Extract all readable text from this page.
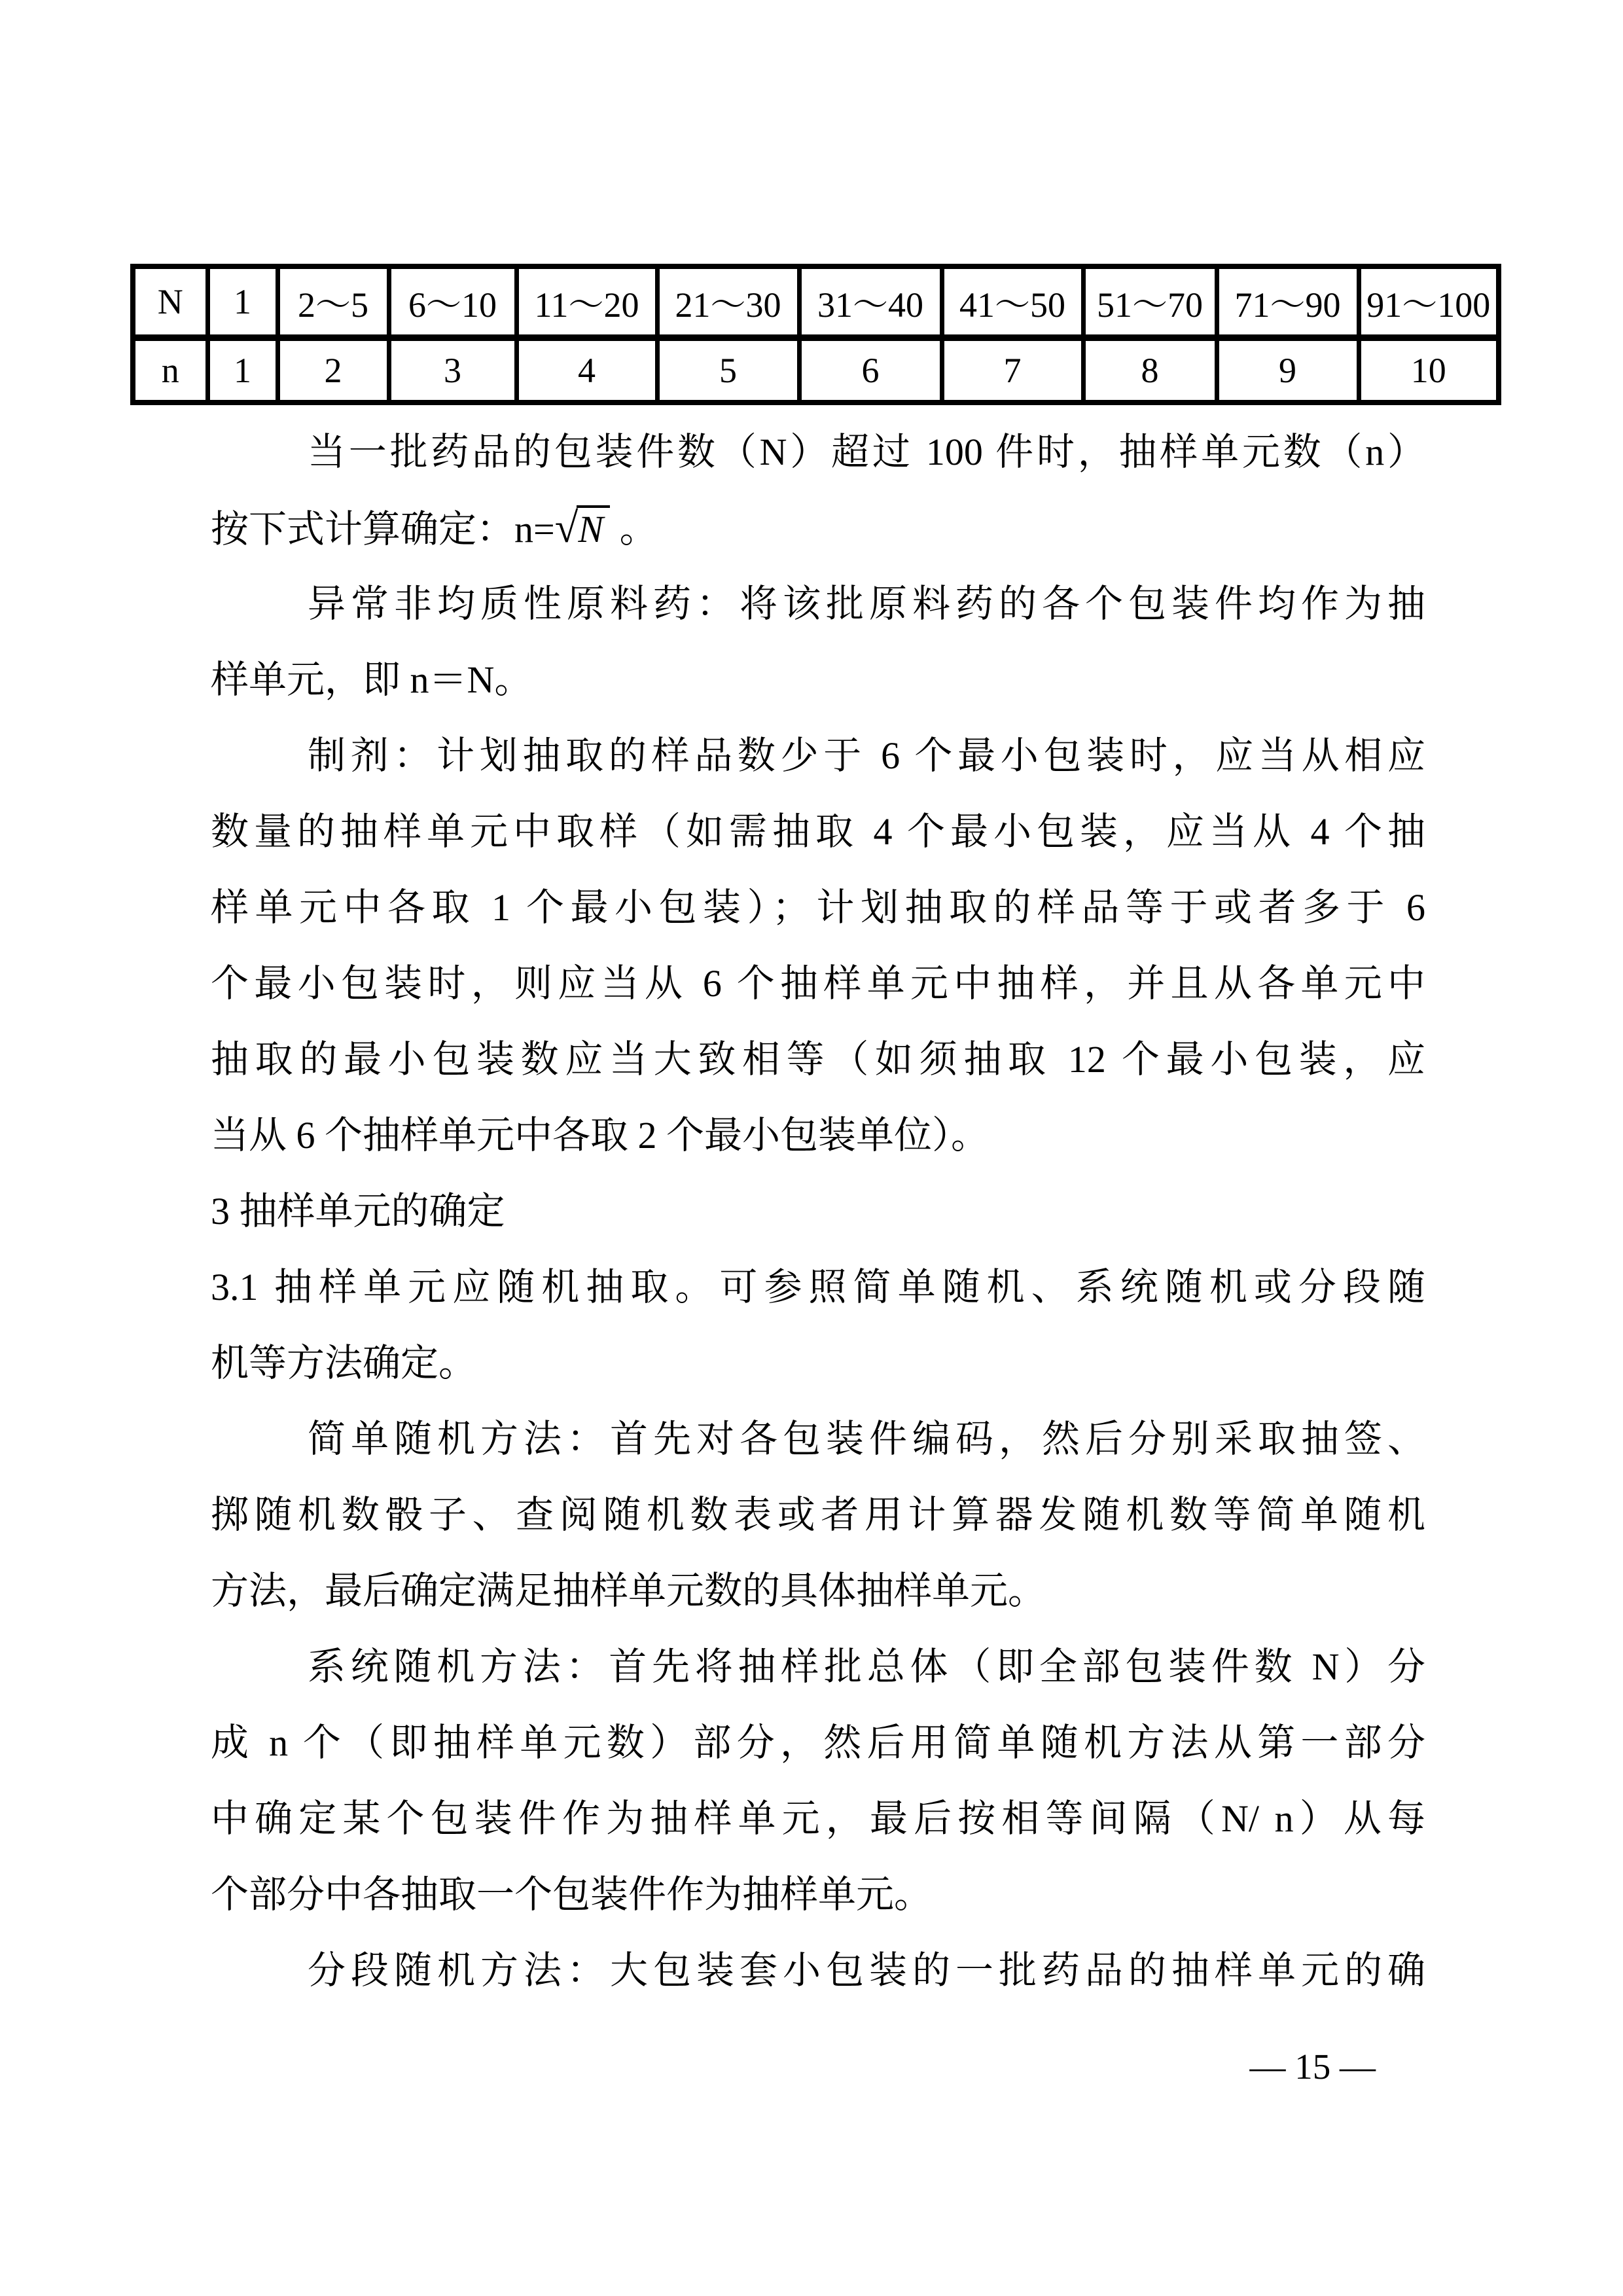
N	1	2～5	6～10	11～20	21～30	31～40	41～50	51～70	71～90	91～100
n	1	2	3	4	5	6	7	8	9	10
当一批药品的包装件数（N）超过 100 件时，抽样单元数（n）
按下式计算确定：n=√N 。
异常非均质性原料药：将该批原料药的各个包装件均作为抽
样单元，即 n＝N。
制剂：计划抽取的样品数少于 6 个最小包装时，应当从相应
数量的抽样单元中取样（如需抽取 4 个最小包装，应当从 4 个抽
样单元中各取 1 个最小包装）；计划抽取的样品等于或者多于 6
个最小包装时，则应当从 6 个抽样单元中抽样，并且从各单元中
抽取的最小包装数应当大致相等（如须抽取 12 个最小包装，应
当从 6 个抽样单元中各取 2 个最小包装单位）。
3 抽样单元的确定
3.1 抽样单元应随机抽取。可参照简单随机、系统随机或分段随
机等方法确定。
简单随机方法：首先对各包装件编码，然后分别采取抽签、
掷随机数骰子、查阅随机数表或者用计算器发随机数等简单随机
方法，最后确定满足抽样单元数的具体抽样单元。
系统随机方法：首先将抽样批总体（即全部包装件数 N）分
成 n 个（即抽样单元数）部分，然后用简单随机方法从第一部分
中确定某个包装件作为抽样单元，最后按相等间隔（N/ n）从每
个部分中各抽取一个包装件作为抽样单元。
分段随机方法：大包装套小包装的一批药品的抽样单元的确
— 15 —
